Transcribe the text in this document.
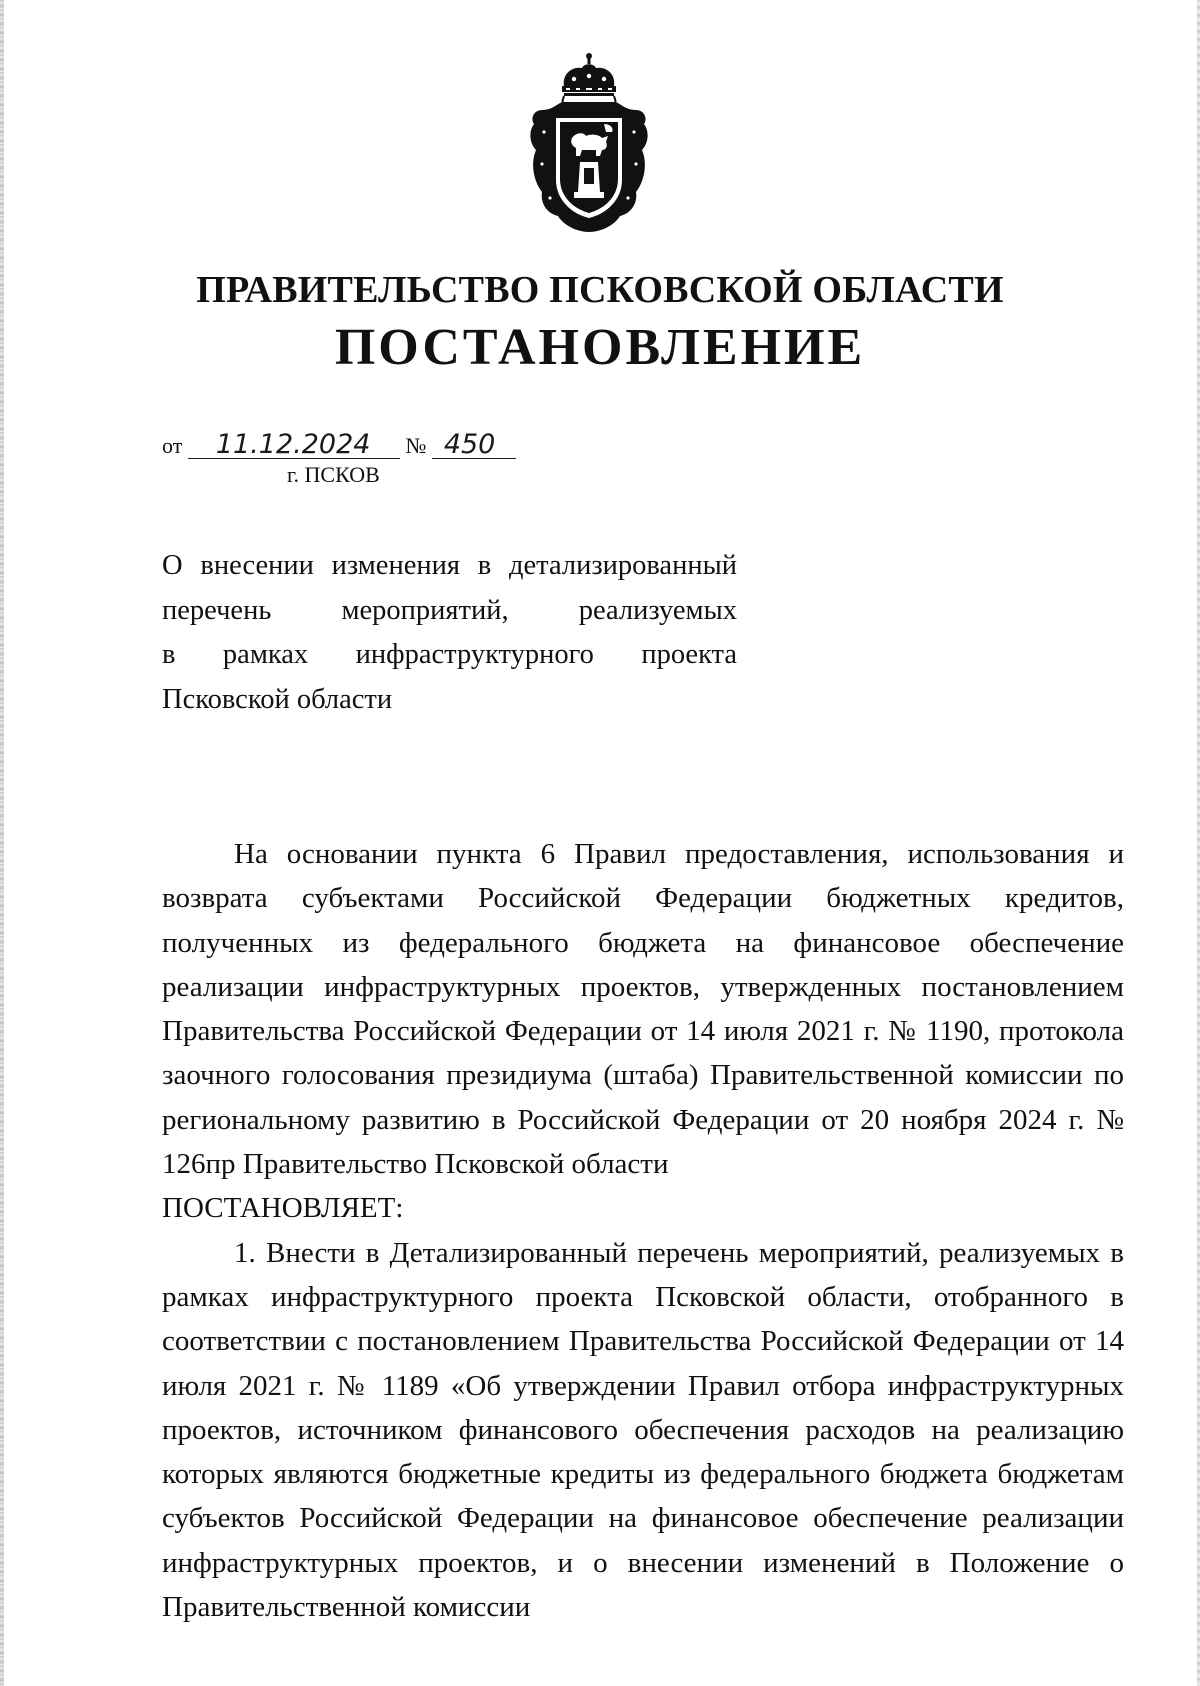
ПРАВИТЕЛЬСТВО ПСКОВСКОЙ ОБЛАСТИ
ПОСТАНОВЛЕНИЕ
от 11.12.2024 № 450
г. ПСКОВ
О внесении изменения в детализированный
перечень мероприятий, реализуемых
в рамках инфраструктурного проекта
Псковской области

На основании пункта 6 Правил предоставления, использования и возврата субъектами Российской Федерации бюджетных кредитов, полученных из федерального бюджета на финансовое обеспечение реализации инфраструктурных проектов, утвержденных постановлением Правительства Российской Федерации от 14 июля 2021 г. № 1190, протокола заочного голосования президиума (штаба) Правительственной комиссии по региональному развитию в Российской Федерации от 20 ноября 2024 г. № 126пр Правительство Псковской области

ПОСТАНОВЛЯЕТ:

1. Внести в Детализированный перечень мероприятий, реализуемых в рамках инфраструктурного проекта Псковской области, отобранного в соответствии с постановлением Правительства Российской Федерации от 14 июля 2021 г. № 1189 «Об утверждении Правил отбора инфраструктурных проектов, источником финансового обеспечения расходов на реализацию которых являются бюджетные кредиты из федерального бюджета бюджетам субъектов Российской Федерации на финансовое обеспечение реализации инфраструктурных проектов, и о внесении изменений в Положение о Правительственной комиссии
